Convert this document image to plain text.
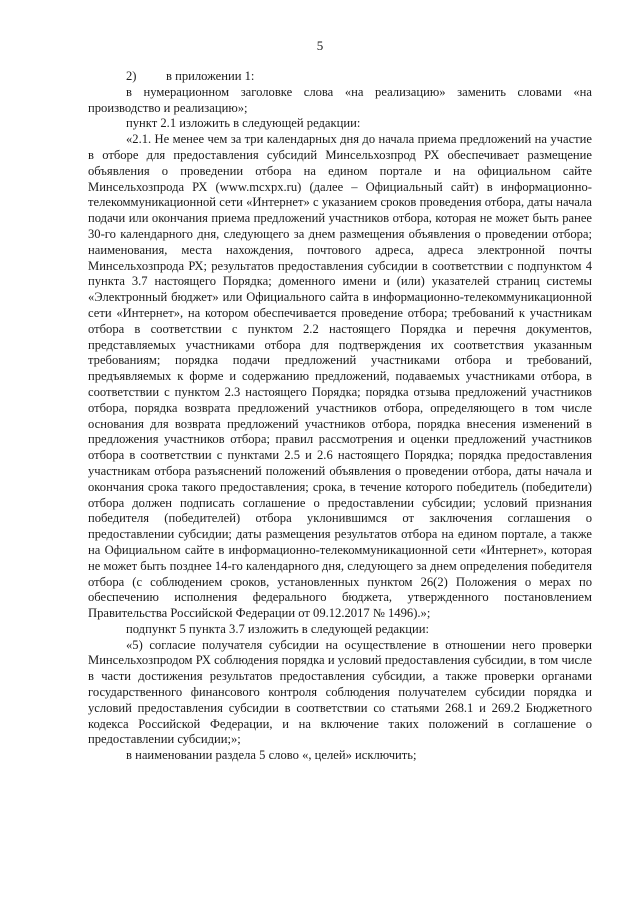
5

2) в приложении 1:

в нумерационном заголовке слова «на реализацию» заменить словами «на производство и реализацию»;

пункт 2.1 изложить в следующей редакции:

«2.1. Не менее чем за три календарных дня до начала приема предложений на участие в отборе для предоставления субсидий Минсельхозпрод РХ обеспечивает размещение объявления о проведении отбора на едином портале и на официальном сайте Минсельхозпрода РХ (www.mcxpx.ru) (далее – Официальный сайт) в информационно-телекоммуникационной сети «Интернет» с указанием сроков проведения отбора, даты начала подачи или окончания приема предложений участников отбора, которая не может быть ранее 30-го календарного дня, следующего за днем размещения объявления о проведении отбора; наименования, места нахождения, почтового адреса, адреса электронной почты Минсельхозпрода РХ; результатов предоставления субсидии в соответствии с подпунктом 4 пункта 3.7 настоящего Порядка; доменного имени и (или) указателей страниц системы «Электронный бюджет» или Официального сайта в информационно-телекоммуникационной сети «Интернет», на котором обеспечивается проведение отбора; требований к участникам отбора в соответствии с пунктом 2.2 настоящего Порядка и перечня документов, представляемых участниками отбора для подтверждения их соответствия указанным требованиям; порядка подачи предложений участниками отбора и требований, предъявляемых к форме и содержанию предложений, подаваемых участниками отбора, в соответствии с пунктом 2.3 настоящего Порядка; порядка отзыва предложений участников отбора, порядка возврата предложений участников отбора, определяющего в том числе основания для возврата предложений участников отбора, порядка внесения изменений в предложения участников отбора; правил рассмотрения и оценки предложений участников отбора в соответствии с пунктами 2.5 и 2.6 настоящего Порядка; порядка предоставления участникам отбора разъяснений положений объявления о проведении отбора, даты начала и окончания срока такого предоставления; срока, в течение которого победитель (победители) отбора должен подписать соглашение о предоставлении субсидии; условий признания победителя (победителей) отбора уклонившимся от заключения соглашения о предоставлении субсидии; даты размещения результатов отбора на едином портале, а также на Официальном сайте в информационно-телекоммуникационной сети «Интернет», которая не может быть позднее 14-го календарного дня, следующего за днем определения победителя отбора (с соблюдением сроков, установленных пунктом 26(2) Положения о мерах по обеспечению исполнения федерального бюджета, утвержденного постановлением Правительства Российской Федерации от 09.12.2017 № 1496).»;

подпункт 5 пункта 3.7 изложить в следующей редакции:

«5) согласие получателя субсидии на осуществление в отношении него проверки Минсельхозпродом РХ соблюдения порядка и условий предоставления субсидии, в том числе в части достижения результатов предоставления субсидии, а также проверки органами государственного финансового контроля соблюдения получателем субсидии порядка и условий предоставления субсидии в соответствии со статьями 268.1 и 269.2 Бюджетного кодекса Российской Федерации, и на включение таких положений в соглашение о предоставлении субсидии;»;

в наименовании раздела 5 слово «, целей» исключить;
